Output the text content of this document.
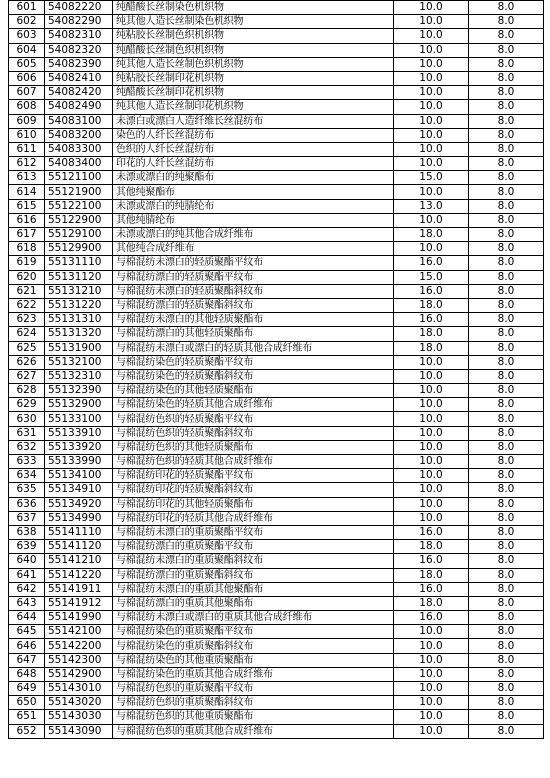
601	54082220	纯醋酸长丝制染色机织物	10.0	8.0
602	54082290	纯其他人造长丝制染色机织物	10.0	8.0
603	54082310	纯粘胶长丝制色织机织物	10.0	8.0
604	54082320	纯醋酸长丝制色织机织物	10.0	8.0
605	54082390	纯其他人造长丝制色织机织物	10.0	8.0
606	54082410	纯粘胶长丝制印花机织物	10.0	8.0
607	54082420	纯醋酸长丝制印花机织物	10.0	8.0
608	54082490	纯其他人造长丝制印花机织物	10.0	8.0
609	54083100	未漂白或漂白人造纤维长丝混纺布	10.0	8.0
610	54083200	染色的人纤长丝混纺布	10.0	8.0
611	54083300	色织的人纤长丝混纺布	10.0	8.0
612	54083400	印花的人纤长丝混纺布	10.0	8.0
613	55121100	未漂或漂白的纯聚酯布	15.0	8.0
614	55121900	其他纯聚酯布	10.0	8.0
615	55122100	未漂或漂白的纯腈纶布	13.0	8.0
616	55122900	其他纯腈纶布	10.0	8.0
617	55129100	未漂或漂白的纯其他合成纤维布	18.0	8.0
618	55129900	其他纯合成纤维布	10.0	8.0
619	55131110	与棉混纺未漂白的轻质聚酯平纹布	16.0	8.0
620	55131120	与棉混纺漂白的轻质聚酯平纹布	15.0	8.0
621	55131210	与棉混纺未漂白的轻质聚酯斜纹布	16.0	8.0
622	55131220	与棉混纺漂白的轻质聚酯斜纹布	18.0	8.0
623	55131310	与棉混纺未漂白的其他轻质聚酯布	16.0	8.0
624	55131320	与棉混纺漂白的其他轻质聚酯布	18.0	8.0
625	55131900	与棉混纺未漂白或漂白的轻质其他合成纤维布	18.0	8.0
626	55132100	与棉混纺染色的轻质聚酯平纹布	10.0	8.0
627	55132310	与棉混纺染色的轻质聚酯斜纹布	10.0	8.0
628	55132390	与棉混纺染色的其他轻质聚酯布	10.0	8.0
629	55132900	与棉混纺染色的轻质其他合成纤维布	10.0	8.0
630	55133100	与棉混纺色织的轻质聚酯平纹布	10.0	8.0
631	55133910	与棉混纺色织的轻质聚酯斜纹布	10.0	8.0
632	55133920	与棉混纺色织的其他轻质聚酯布	10.0	8.0
633	55133990	与棉混纺色织的轻质其他合成纤维布	10.0	8.0
634	55134100	与棉混纺印花的轻质聚酯平纹布	10.0	8.0
635	55134910	与棉混纺印花的轻质聚酯斜纹布	10.0	8.0
636	55134920	与棉混纺印花的其他轻质聚酯布	10.0	8.0
637	55134990	与棉混纺印花的轻质其他合成纤维布	10.0	8.0
638	55141110	与棉混纺未漂白的重质聚酯平纹布	16.0	8.0
639	55141120	与棉混纺漂白的重质聚酯平纹布	18.0	8.0
640	55141210	与棉混纺未漂白的重质聚酯斜纹布	16.0	8.0
641	55141220	与棉混纺漂白的重质聚酯斜纹布	18.0	8.0
642	55141911	与棉混纺未漂白的重质其他聚酯布	16.0	8.0
643	55141912	与棉混纺漂白的重质其他聚酯布	18.0	8.0
644	55141990	与棉混纺未漂白或漂白的重质其他合成纤维布	16.0	8.0
645	55142100	与棉混纺染色的重质聚酯平纹布	10.0	8.0
646	55142200	与棉混纺染色的重质聚酯斜纹布	10.0	8.0
647	55142300	与棉混纺染色的其他重质聚酯布	10.0	8.0
648	55142900	与棉混纺染色的重质其他合成纤维布	10.0	8.0
649	55143010	与棉混纺色织的重质聚酯平纹布	10.0	8.0
650	55143020	与棉混纺色织的重质聚酯斜纹布	10.0	8.0
651	55143030	与棉混纺色织的其他重质聚酯布	10.0	8.0
652	55143090	与棉混纺色织的重质其他合成纤维布	10.0	8.0
